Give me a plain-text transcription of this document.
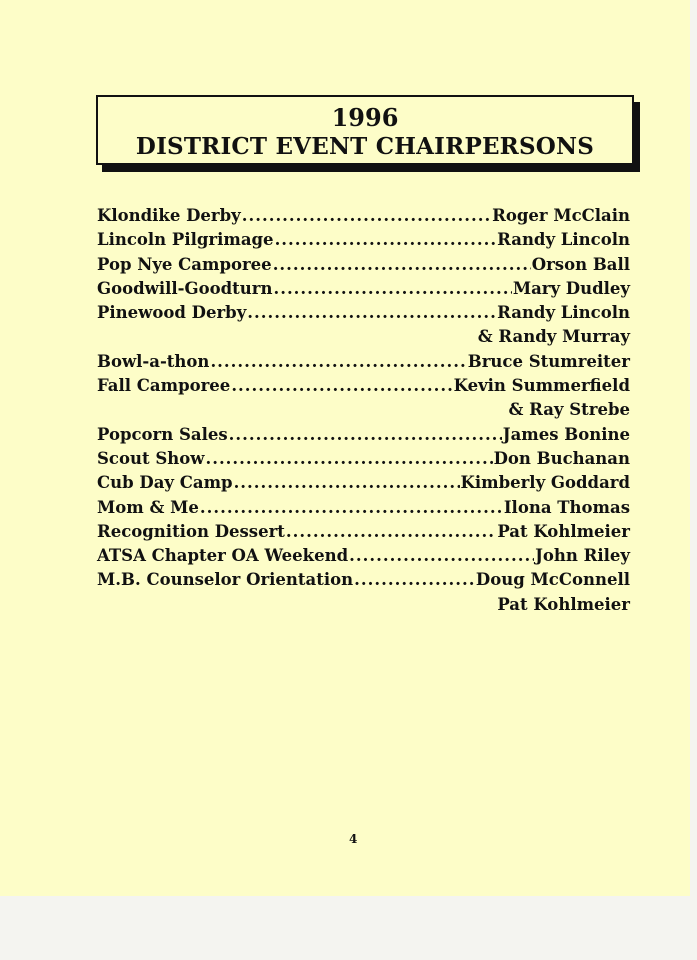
1996
DISTRICT EVENT CHAIRPERSONS
Klondike Derby .....	Roger McClain
Lincoln Pilgrimage .....	Randy Lincoln
Pop Nye Camporee .....	Orson Ball
Goodwill-Goodturn .....	Mary Dudley
Pinewood Derby .....	Randy Lincoln
& Randy Murray
Bowl-a-thon .....	Bruce Stumreiter
Fall Camporee .....	Kevin Summerfield
& Ray Strebe
Popcorn Sales .....	James Bonine
Scout Show .....	Don Buchanan
Cub Day Camp .....	Kimberly Goddard
Mom & Me .....	Ilona Thomas
Recognition Dessert .....	Pat Kohlmeier
ATSA Chapter OA Weekend .....	John Riley
M.B. Counselor Orientation .....	Doug McConnell
Pat Kohlmeier
4
